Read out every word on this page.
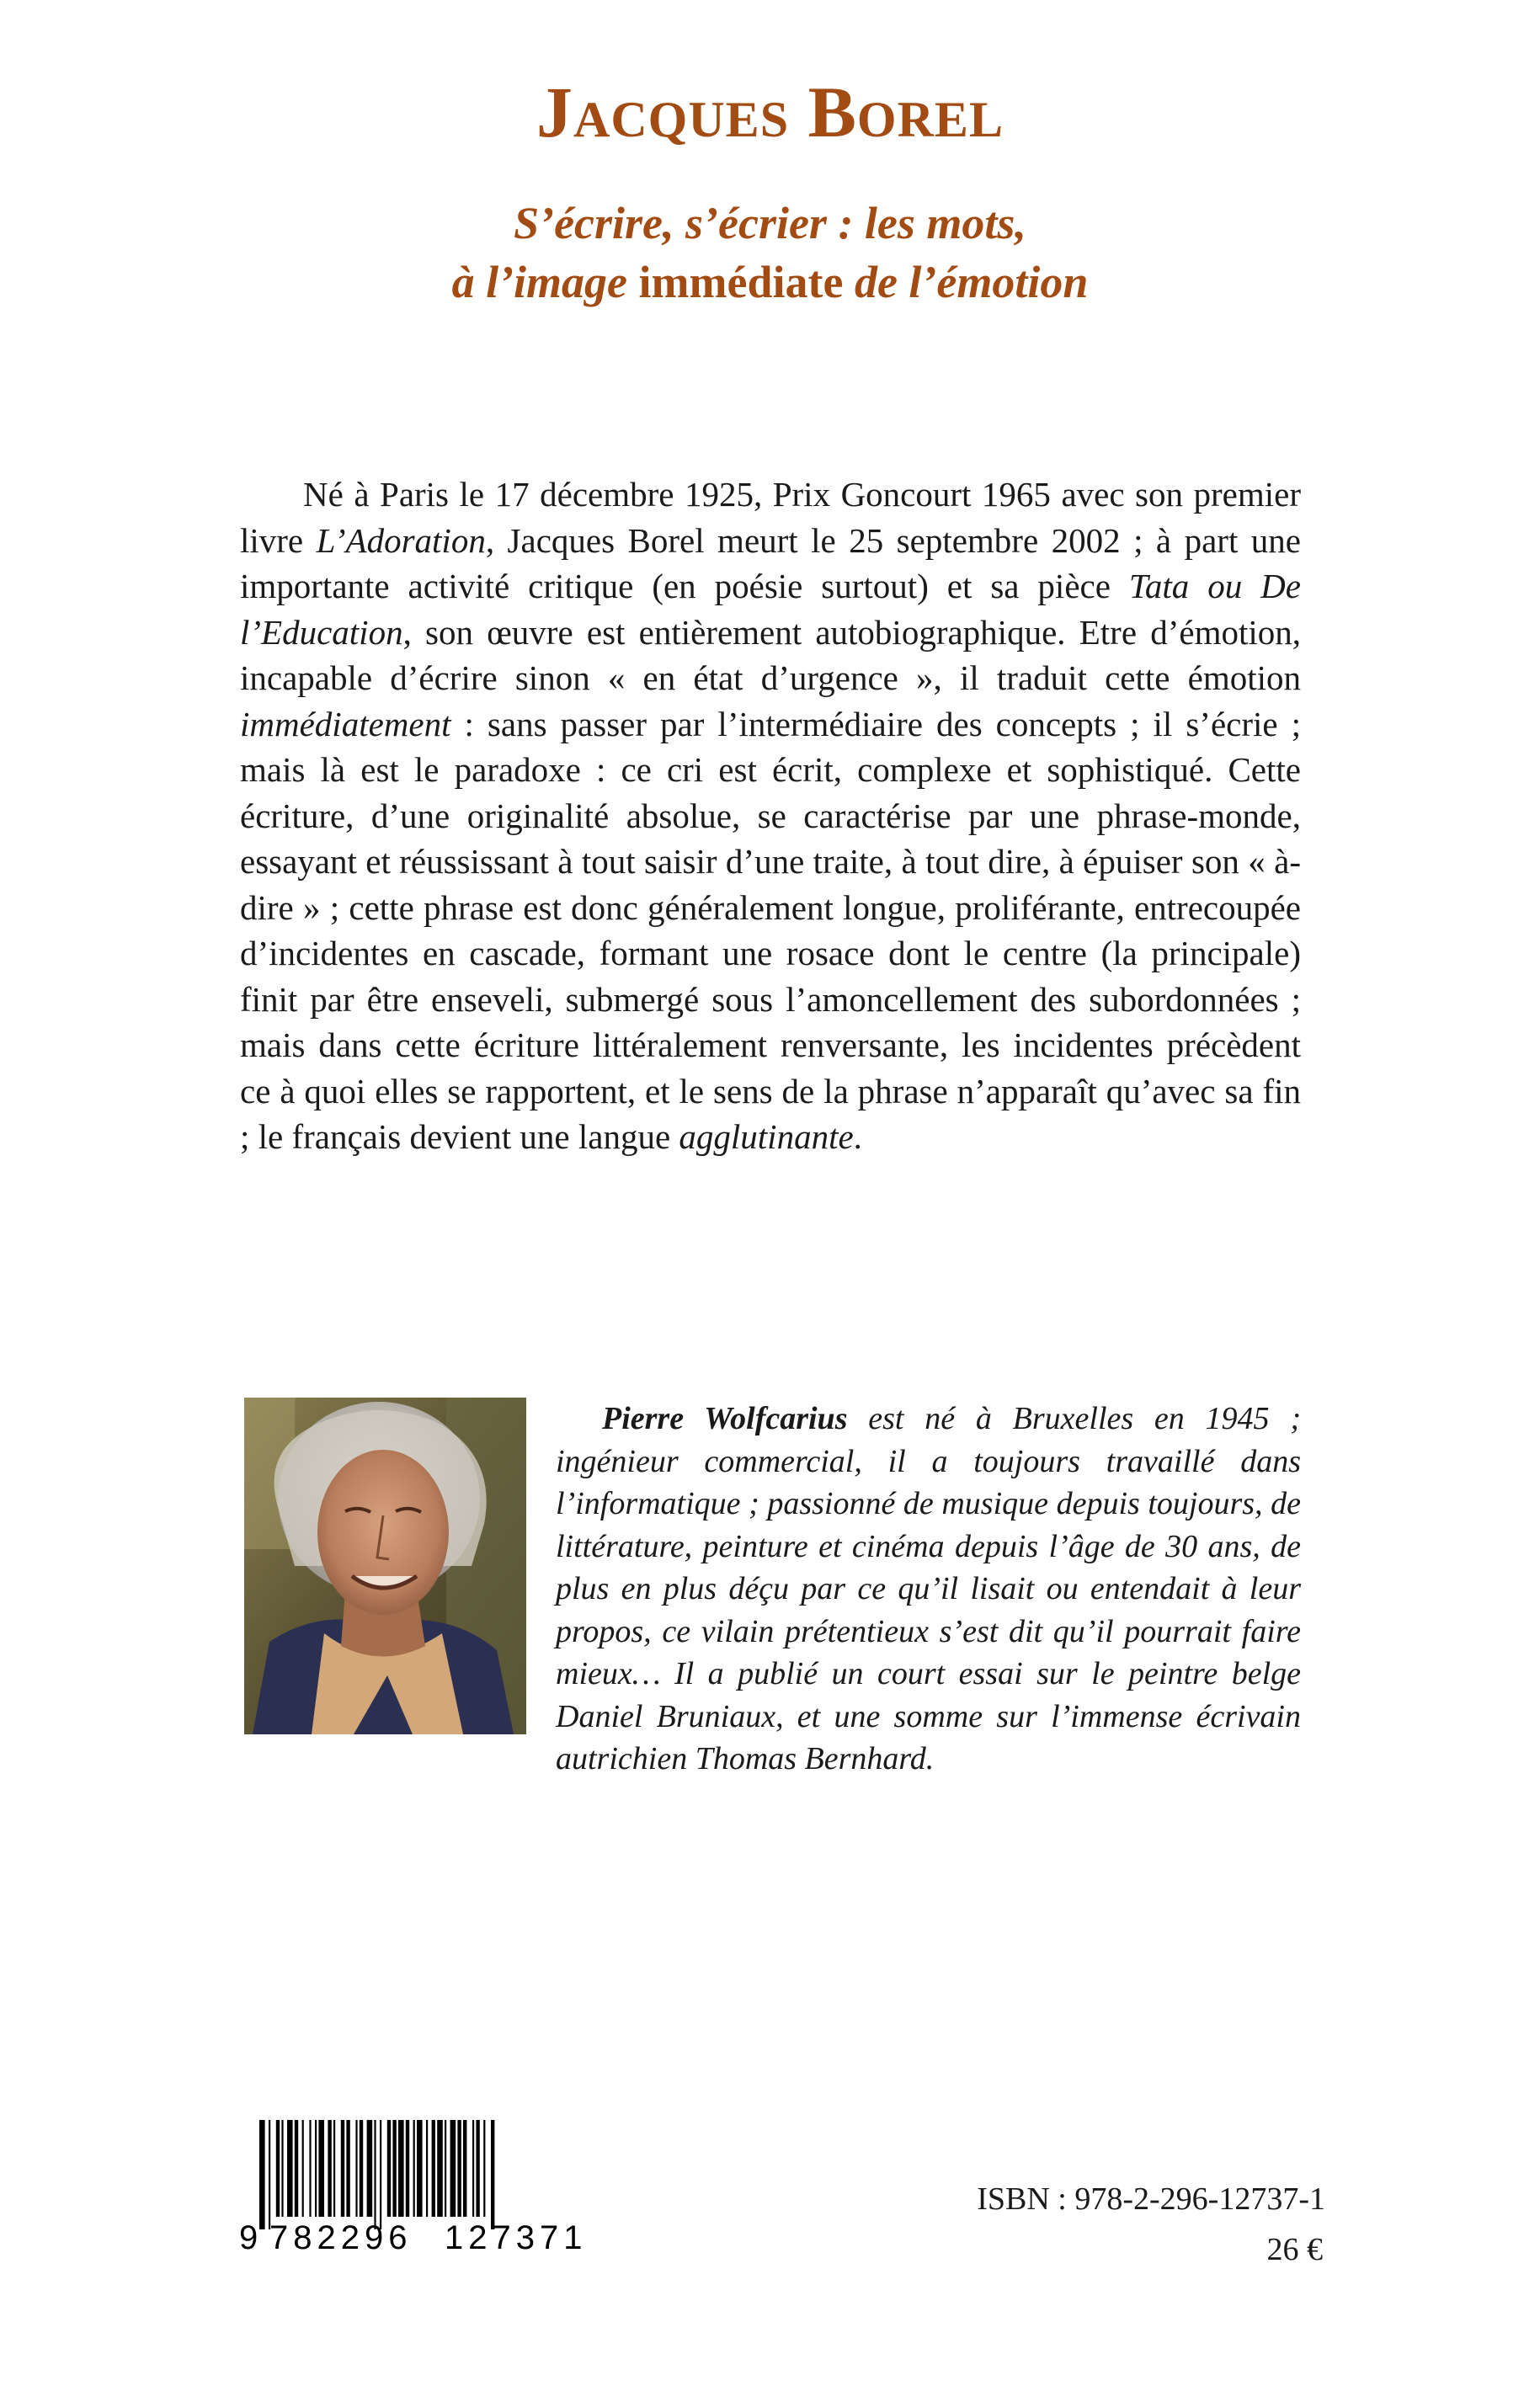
Jacques Borel
S’écrire, s’écrier : les mots,
à l’image immédiate de l’émotion

Né à Paris le 17 décembre 1925, Prix Goncourt 1965 avec son premier livre L’Adoration, Jacques Borel meurt le 25 septembre 2002 ; à part une importante activité critique (en poésie surtout) et sa pièce Tata ou De l’Education, son œuvre est entièrement autobiographique. Etre d’émotion, incapable d’écrire sinon « en état d’urgence », il traduit cette émotion immédiatement : sans passer par l’intermédiaire des concepts ; il s’écrie ; mais là est le paradoxe : ce cri est écrit, complexe et sophistiqué. Cette écriture, d’une originalité absolue, se caractérise par une phrase-monde, essayant et réussissant à tout saisir d’une traite, à tout dire, à épuiser son « à-dire » ; cette phrase est donc généralement longue, proliférante, entrecoupée d’incidentes en cascade, formant une rosace dont le centre (la principale) finit par être enseveli, submergé sous l’amoncellement des subordonnées ; mais dans cette écriture littéralement renversante, les incidentes précèdent ce à quoi elles se rapportent, et le sens de la phrase n’apparaît qu’avec sa fin ; le français devient une langue agglutinante.

Pierre Wolfcarius est né à Bruxelles en 1945 ; ingénieur commercial, il a toujours travaillé dans l’informatique ; passionné de musique depuis toujours, de littérature, peinture et cinéma depuis l’âge de 30 ans, de plus en plus déçu par ce qu’il lisait ou entendait à leur propos, ce vilain prétentieux s’est dit qu’il pourrait faire mieux… Il a publié un court essai sur le peintre belge Daniel Bruniaux, et une somme sur l’immense écrivain autrichien Thomas Bernhard.

9 782296 127371
ISBN : 978-2-296-12737-1
26 €
